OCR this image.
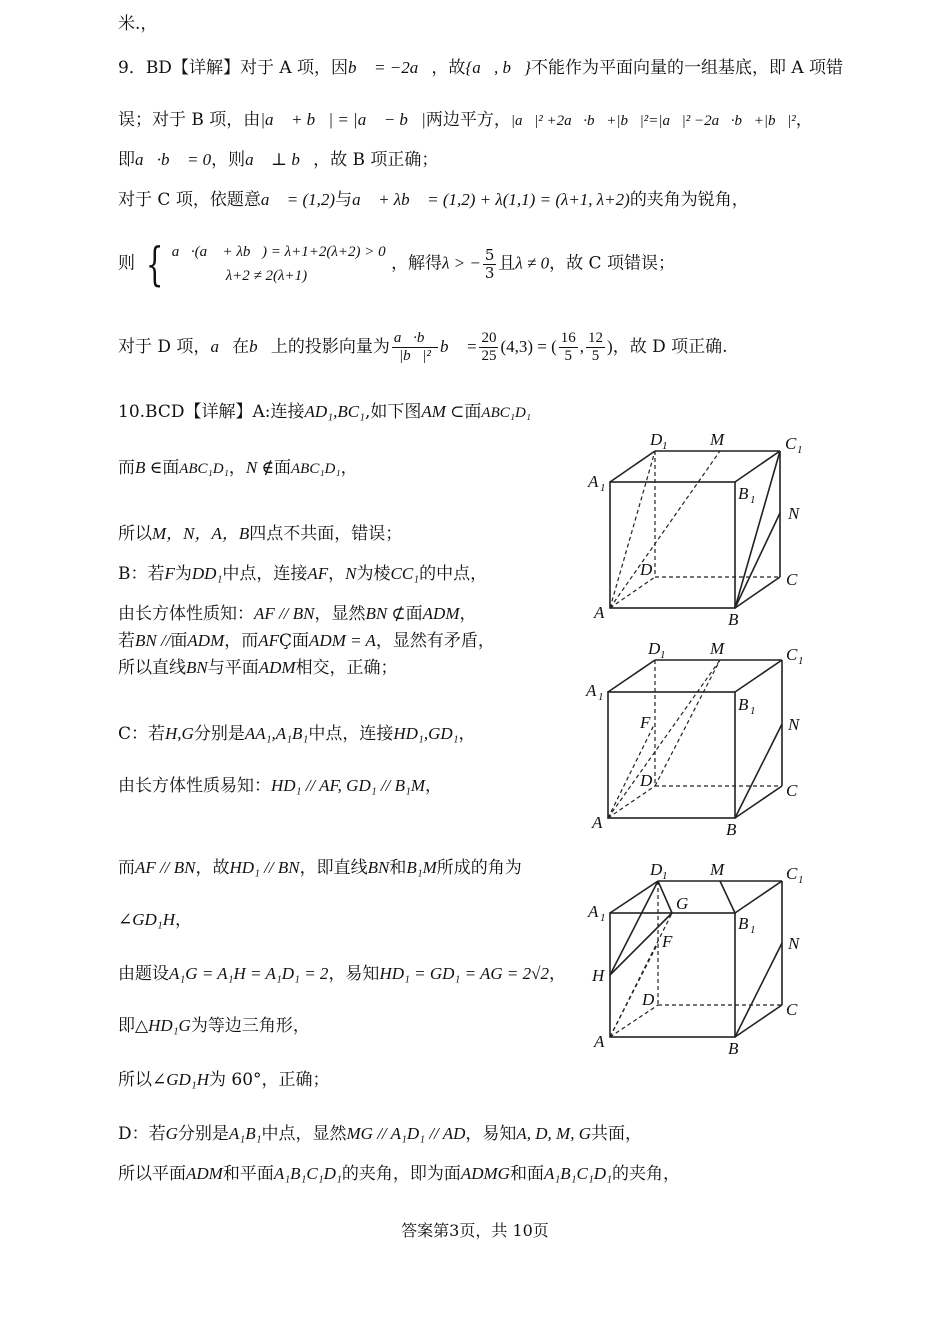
米.，
9．BD【详解】对于 A 项，因b⃗ = −2a⃗，故{a⃗, b⃗}不能作为平面向量的一组基底，即 A 项错
误；对于 B 项，由|a⃗ + b⃗| = |a⃗ − b⃗|两边平方，|a⃗|² +2a⃗·b⃗+|b⃗|²=|a⃗|² −2a⃗·b⃗+|b⃗|²，
即a⃗·b⃗ = 0，则a⃗ ⊥ b⃗，故 B 项正确；
对于 C 项，依题意a⃗ = (1,2)与a⃗ + λb⃗ = (1,2) + λ(1,1) = (λ+1, λ+2)的夹角为锐角，
则 { a⃗·(a⃗ + λb⃗) = λ+1+2(λ+2) > 0
λ+2 ≠ 2(λ+1)
，解得λ > − $\frac{5}{3}$ 且λ ≠ 0，故 C 项错误；
对于 D 项，a⃗在b⃗上的投影向量为 $\frac{a⃗\cdot b⃗}{\text{|b⃗|²}}$ b⃗ = $\frac{20}{25} (4,3)$ = ( $\frac{16}{5}$ , $\frac{12}{5}$ )，故 D 项正确.
10.BCD【详解】A:连接AD₁,BC₁,如下图AM ⊂面ABC₁D₁
而B ∈面ABC₁D₁，N ∉面ABC₁D₁，
所以M，N，A，B四点不共面，错误；
B：若F为DD₁中点，连接AF，N为棱CC₁的中点，
由长方体性质知：AF // BN，显然BN ⊄面ADM，
若BN //面ADM，而AFÇ面ADM = A，显然有矛盾，
所以直线BN与平面ADM相交，正确；
C：若H,G分别是AA₁,A₁B₁中点，连接HD₁,GD₁，
由长方体性质易知：HD₁ // AF, GD₁ // B₁M，
而AF // BN，故HD₁ // BN，即直线BN和B₁M所成的角为
∠GD₁H，
由题设A₁G = A₁H = A₁D₁ = 2，易知HD₁ = GD₁ = AG = 2√2，
即△HD₁G为等边三角形，
所以∠GD₁H为 60°，正确；
D：若G分别是A₁B₁中点，显然MG // A₁D₁ // AD，易知A, D, M, G共面，
所以平面ADM和平面A₁B₁C₁D₁的夹角，即为面ADMG和面A₁B₁C₁D₁的夹角，
D 1	M	C 1
A 1	B 1
N
D
C
A	B
D 1	M	C 1
A 1	B 1
F	N
D
C
A	B
D 1	M	C 1
A 1
G
B 1
F	N
H
D
C
A	B
答案第3页，共 10页
